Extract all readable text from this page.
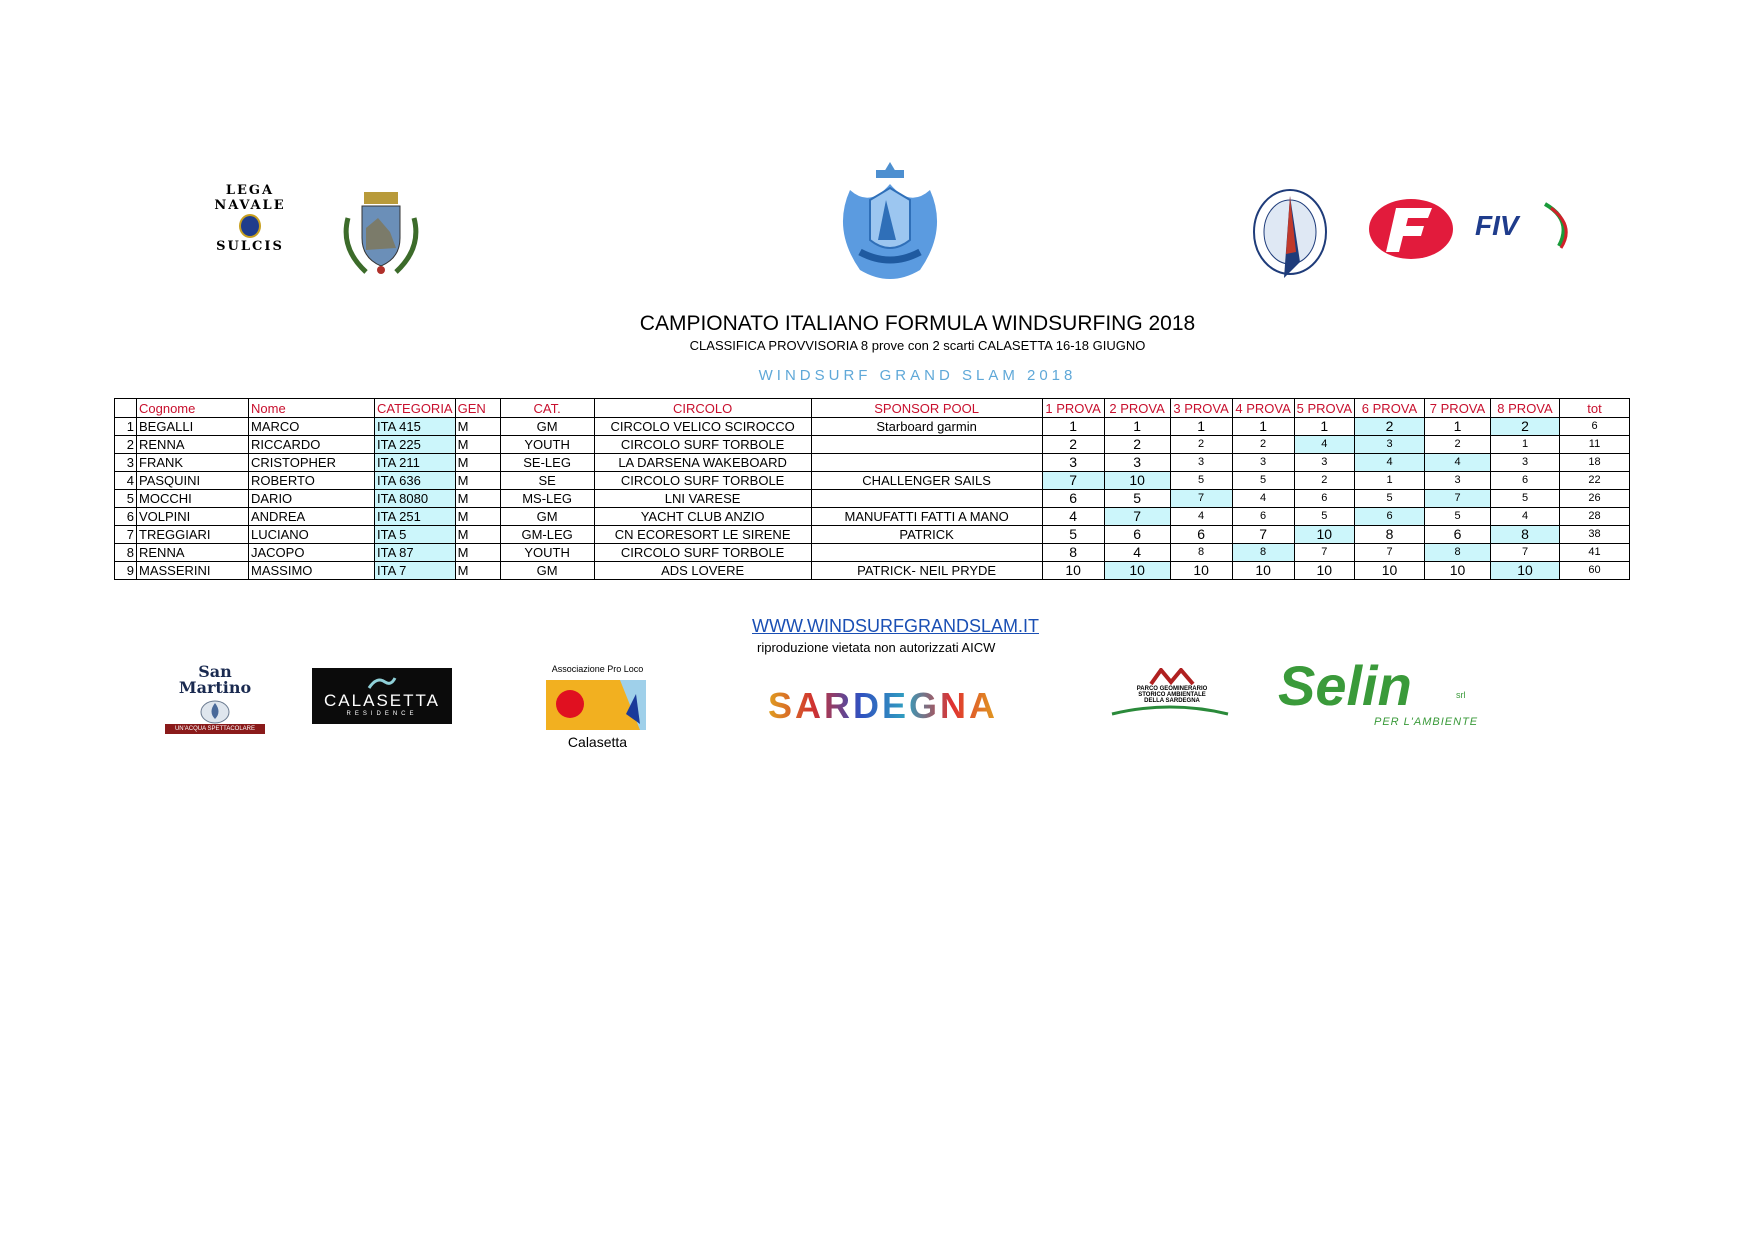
LEGA
NAVALE
SULCIS
FIV
CAMPIONATO ITALIANO FORMULA WINDSURFING 2018
CLASSIFICA PROVVISORIA 8 prove con 2 scarti CALASETTA 16-18 GIUGNO
WINDSURF GRAND SLAM 2018
	Cognome	Nome	CATEGORIA	GEN	CAT.	CIRCOLO	SPONSOR POOL	1 PROVA	2 PROVA	3 PROVA	4 PROVA	5 PROVA	6 PROVA	7 PROVA	8 PROVA	tot
1	BEGALLI	MARCO	ITA 415	M	GM	CIRCOLO VELICO SCIROCCO	Starboard garmin	1	1	1	1	1	2	1	2	6
2	RENNA	RICCARDO	ITA 225	M	YOUTH	CIRCOLO SURF TORBOLE		2	2	2	2	4	3	2	1	11
3	FRANK	CRISTOPHER	ITA 211	M	SE-LEG	LA DARSENA WAKEBOARD		3	3	3	3	3	4	4	3	18
4	PASQUINI	ROBERTO	ITA 636	M	SE	CIRCOLO SURF TORBOLE	CHALLENGER SAILS	7	10	5	5	2	1	3	6	22
5	MOCCHI	DARIO	ITA 8080	M	MS-LEG	LNI VARESE		6	5	7	4	6	5	7	5	26
6	VOLPINI	ANDREA	ITA 251	M	GM	YACHT CLUB ANZIO	MANUFATTI FATTI A MANO	4	7	4	6	5	6	5	4	28
7	TREGGIARI	LUCIANO	ITA 5	M	GM-LEG	CN ECORESORT LE SIRENE	PATRICK	5	6	6	7	10	8	6	8	38
8	RENNA	JACOPO	ITA 87	M	YOUTH	CIRCOLO SURF TORBOLE		8	4	8	8	7	7	8	7	41
9	MASSERINI	MASSIMO	ITA 7	M	GM	ADS LOVERE	PATRICK- NEIL PRYDE	10	10	10	10	10	10	10	10	60
WWW.WINDSURFGRANDSLAM.IT
riproduzione vietata non autorizzati AICW
San
Martino
UN'ACQUA SPETTACOLARE
CALASETTA
RESIDENCE
Associazione Pro Loco
Calasetta
SARDEGNA	PARCO GEOMINERARIO
STORICO AMBIENTALE
DELLA SARDEGNA	Selin	srl
PER L'AMBIENTE
